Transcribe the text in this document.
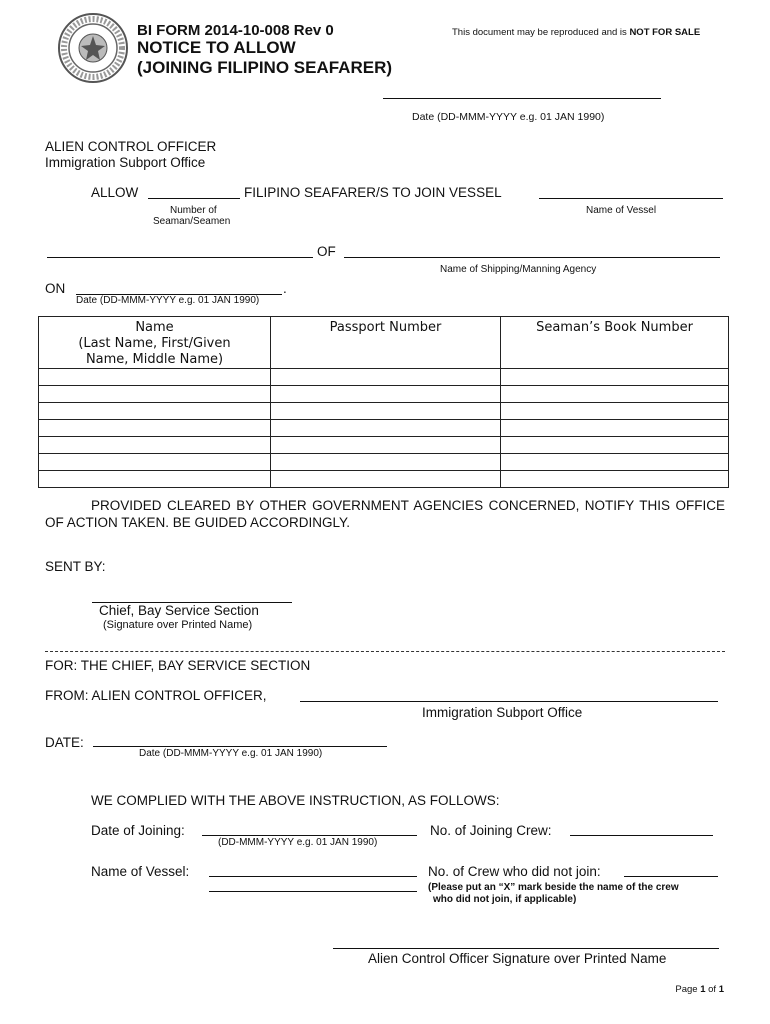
BI FORM 2014-10-008 Rev 0
NOTICE TO ALLOW
(JOINING FILIPINO SEAFARER)
This document may be reproduced and is NOT FOR SALE
Date (DD-MMM-YYYY e.g. 01 JAN 1990)
ALIEN CONTROL OFFICER
Immigration Subport Office
ALLOW	FILIPINO SEAFARER/S TO JOIN VESSEL
Number of
Seaman/Seamen
Name of Vessel
OF
Name of Shipping/Manning Agency
ON	.
Date (DD-MMM-YYYY e.g. 01 JAN 1990)
Name
(Last Name, First/Given
Name, Middle Name)	Passport Number	Seaman’s Book Number

PROVIDED CLEARED BY OTHER GOVERNMENT AGENCIES CONCERNED, NOTIFY THIS OFFICE OF ACTION TAKEN. BE GUIDED ACCORDINGLY.
SENT BY:
Chief, Bay Service Section
(Signature over Printed Name)
FOR: THE CHIEF, BAY SERVICE SECTION
FROM: ALIEN CONTROL OFFICER,
Immigration Subport Office
DATE:
Date (DD-MMM-YYYY e.g. 01 JAN 1990)
WE COMPLIED WITH THE ABOVE INSTRUCTION, AS FOLLOWS:
Date of Joining:
(DD-MMM-YYYY e.g. 01 JAN 1990)
No. of Joining Crew:
Name of Vessel:	No. of Crew who did not join:
(Please put an “X” mark beside the name of the crew
who did not join, if applicable)
Alien Control Officer Signature over Printed Name
Page 1 of 1
